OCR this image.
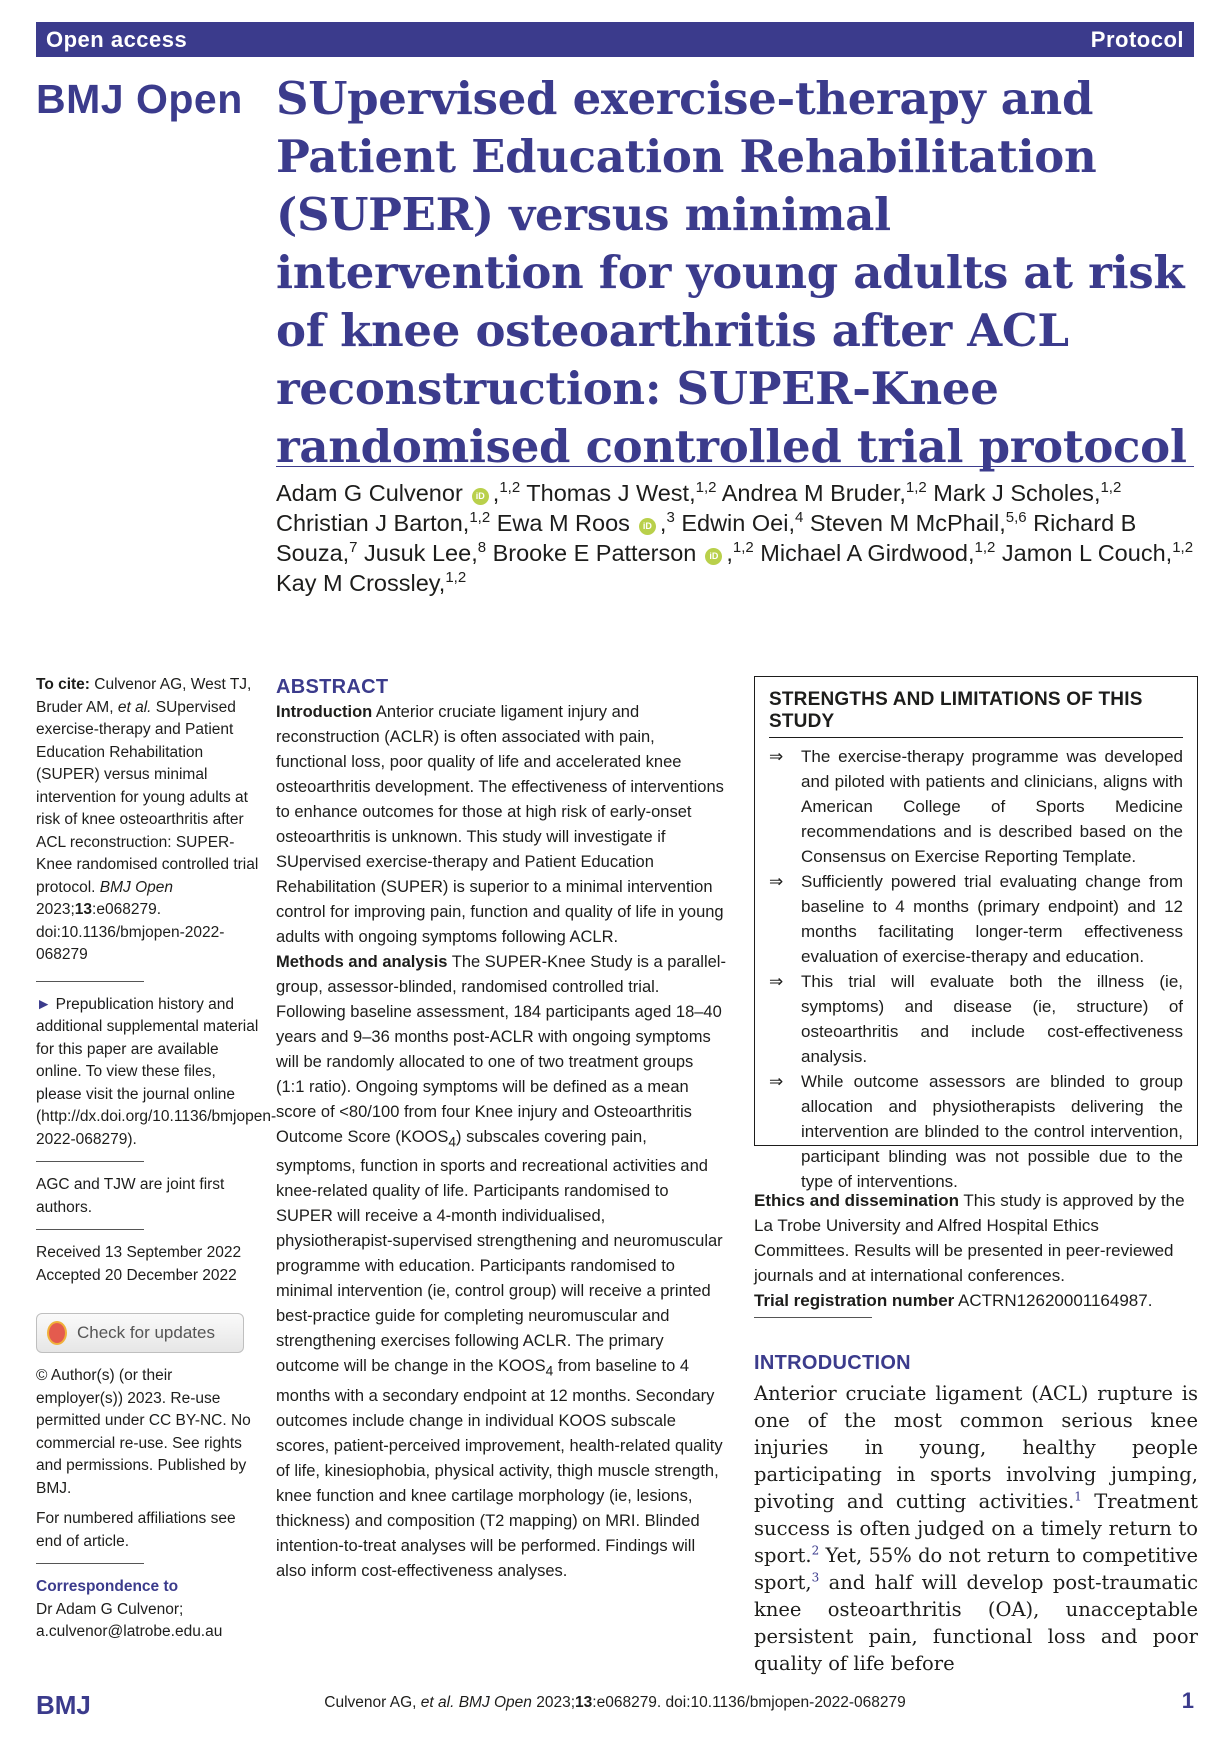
Open access	Protocol
BMJ Open SUpervised exercise-therapy and Patient Education Rehabilitation (SUPER) versus minimal intervention for young adults at risk of knee osteoarthritis after ACL reconstruction: SUPER-Knee randomised controlled trial protocol
Adam G Culvenor iD ,$^{1,2}$ Thomas J West,$^{1,2}$ Andrea M Bruder,$^{1,2}$ Mark J Scholes,$^{1,2}$ Christian J Barton,$^{1,2}$ Ewa M Roos iD ,$^3$ Edwin Oei,$^4$ Steven M McPhail,$^{5,6}$ Richard B Souza,$^7$ Jusuk Lee,$^8$ Brooke E Patterson iD ,$^{1,2}$ Michael A Girdwood,$^{1,2}$ Jamon L Couch,$^{1,2}$ Kay M Crossley,$^{1,2}$

To cite: Culvenor AG, West TJ, Bruder AM, et al. SUpervised exercise-therapy and Patient Education Rehabilitation (SUPER) versus minimal intervention for young adults at risk of knee osteoarthritis after ACL reconstruction: SUPER-Knee randomised controlled trial protocol. BMJ Open 2023;13:e068279. doi:10.1136/bmjopen-2022-068279

► Prepublication history and additional supplemental material for this paper are available online. To view these files, please visit the journal online (http://dx.doi.org/10.1136/bmjopen-2022-068279).

AGC and TJW are joint first authors.

Received 13 September 2022

Accepted 20 December 2022

Check for updates

© Author(s) (or their employer(s)) 2023. Re-use permitted under CC BY-NC. No commercial re-use. See rights and permissions. Published by BMJ.

For numbered affiliations see end of article.

Correspondence to

Dr Adam G Culvenor;

a.culvenor@latrobe.edu.au

ABSTRACT

Introduction Anterior cruciate ligament injury and reconstruction (ACLR) is often associated with pain, functional loss, poor quality of life and accelerated knee osteoarthritis development. The effectiveness of interventions to enhance outcomes for those at high risk of early-onset osteoarthritis is unknown. This study will investigate if SUpervised exercise-therapy and Patient Education Rehabilitation (SUPER) is superior to a minimal intervention control for improving pain, function and quality of life in young adults with ongoing symptoms following ACLR.

Methods and analysis The SUPER-Knee Study is a parallel-group, assessor-blinded, randomised controlled trial. Following baseline assessment, 184 participants aged 18–40 years and 9–36 months post-ACLR with ongoing symptoms will be randomly allocated to one of two treatment groups (1:1 ratio). Ongoing symptoms will be defined as a mean score of <80/100 from four Knee injury and Osteoarthritis Outcome Score $(KOOS_4)$ subscales covering pain, symptoms, function in sports and recreational activities and knee-related quality of life. Participants randomised to SUPER will receive a 4-month individualised, physiotherapist-supervised strengthening and neuromuscular programme with education. Participants randomised to minimal intervention (ie, control group) will receive a printed best-practice guide for completing neuromuscular and strengthening exercises following ACLR. The primary outcome will be change in the $KOOS_4$ from baseline to 4 months with a secondary endpoint at 12 months. Secondary outcomes include change in individual KOOS subscale scores, patient-perceived improvement, health-related quality of life, kinesiophobia, physical activity, thigh muscle strength, knee function and knee cartilage morphology (ie, lesions, thickness) and composition (T2 mapping) on MRI. Blinded intention-to-treat analyses will be performed. Findings will also inform cost-effectiveness analyses.

STRENGTHS AND LIMITATIONS OF THIS STUDY
⇒ The exercise-therapy programme was developed and piloted with patients and clinicians, aligns with American College of Sports Medicine recommendations and is described based on the Consensus on Exercise Reporting Template.
⇒ Sufficiently powered trial evaluating change from baseline to 4 months (primary endpoint) and 12 months facilitating longer-term effectiveness evaluation of exercise-therapy and education.
⇒ This trial will evaluate both the illness (ie, symptoms) and disease (ie, structure) of osteoarthritis and include cost-effectiveness analysis.
⇒ While outcome assessors are blinded to group allocation and physiotherapists delivering the intervention are blinded to the control intervention, participant blinding was not possible due to the type of interventions.

Ethics and dissemination This study is approved by the La Trobe University and Alfred Hospital Ethics Committees. Results will be presented in peer-reviewed journals and at international conferences.

Trial registration number ACTRN12620001164987.

INTRODUCTION

Anterior cruciate ligament (ACL) rupture is one of the most common serious knee injuries in young, healthy people participating in sports involving jumping, pivoting and cutting activities.$^1$ Treatment success is often judged on a timely return to sport.$^2$ Yet, 55% do not return to competitive sport,$^3$ and half will develop post-traumatic knee osteoarthritis (OA), unacceptable persistent pain, functional loss and poor quality of life before

BMJ	Culvenor AG, et al. BMJ Open 2023;13:e068279. doi:10.1136/bmjopen-2022-068279	1
